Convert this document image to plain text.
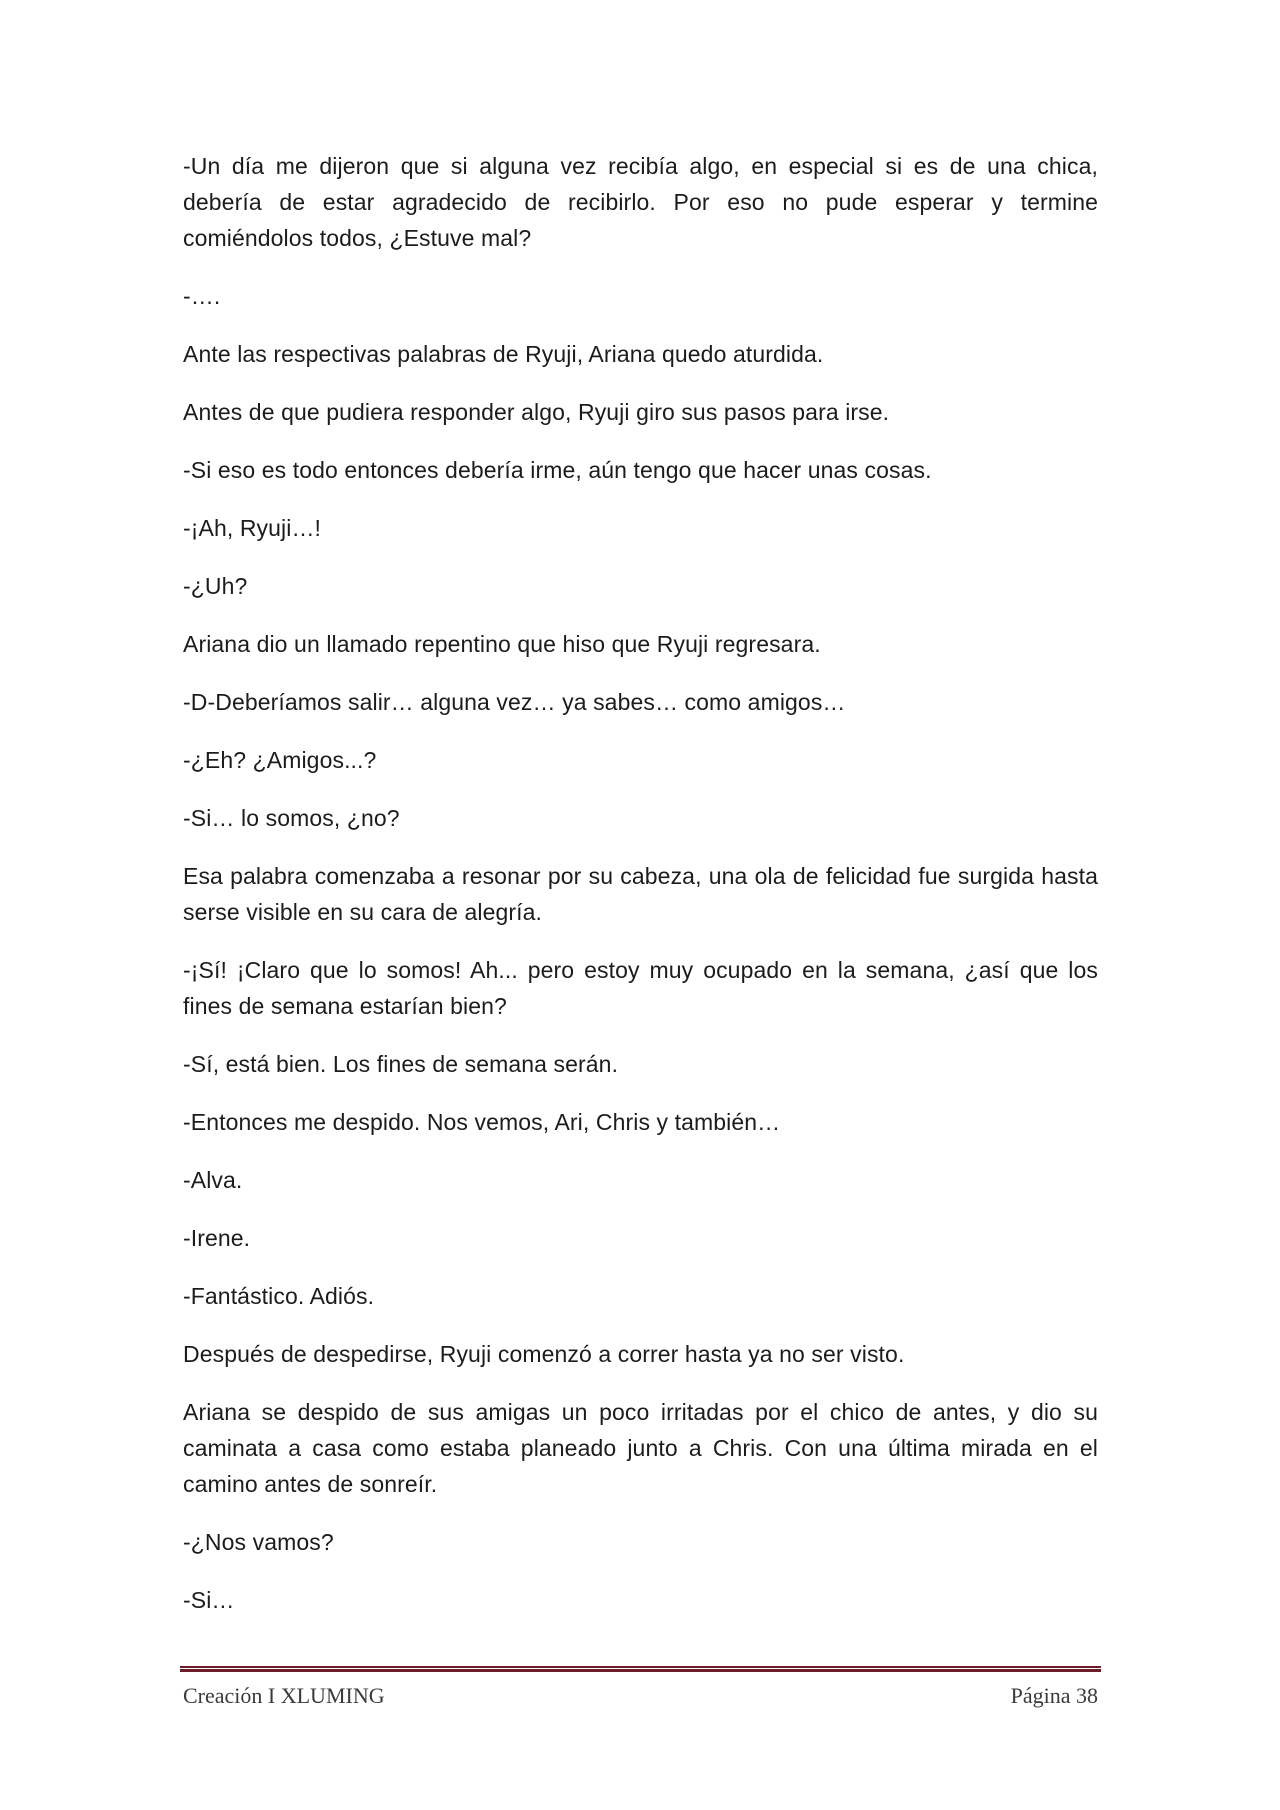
-Un día me dijeron que si alguna vez recibía algo, en especial si es de una chica, debería de estar agradecido de recibirlo. Por eso no pude esperar y termine comiéndolos todos, ¿Estuve mal?

-….

Ante las respectivas palabras de Ryuji, Ariana quedo aturdida.

Antes de que pudiera responder algo, Ryuji giro sus pasos para irse.

-Si eso es todo entonces debería irme, aún tengo que hacer unas cosas.

-¡Ah, Ryuji…!

-¿Uh?

Ariana dio un llamado repentino que hiso que Ryuji regresara.

-D-Deberíamos salir… alguna vez… ya sabes… como amigos…

-¿Eh? ¿Amigos...?

-Si… lo somos, ¿no?

Esa palabra comenzaba a resonar por su cabeza, una ola de felicidad fue surgida hasta serse visible en su cara de alegría.

-¡Sí! ¡Claro que lo somos! Ah... pero estoy muy ocupado en la semana, ¿así que los fines de semana estarían bien?

-Sí, está bien. Los fines de semana serán.

-Entonces me despido. Nos vemos, Ari, Chris y también…

-Alva.

-Irene.

-Fantástico. Adiós.

Después de despedirse, Ryuji comenzó a correr hasta ya no ser visto.

Ariana se despido de sus amigas un poco irritadas por el chico de antes, y dio su caminata a casa como estaba planeado junto a Chris. Con una última mirada en el camino antes de sonreír.

-¿Nos vamos?

-Si…

Creación I XLUMING	Página 38
